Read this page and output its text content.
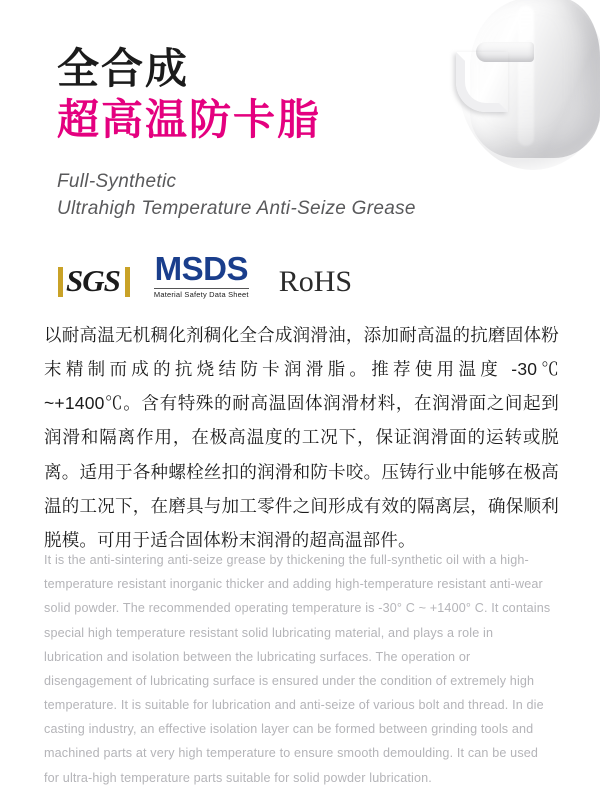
全合成
超高温防卡脂
Full-Synthetic
Ultrahigh Temperature Anti-Seize Grease
SGS MSDS
Material Safety Data Sheet RoHS
以耐高温无机稠化剂稠化全合成润滑油，添加耐高温的抗磨固体粉末精制而成的抗烧结防卡润滑脂。推荐使用温度 -30℃ ~+1400℃。含有特殊的耐高温固体润滑材料，在润滑面之间起到润滑和隔离作用，在极高温度的工况下，保证润滑面的运转或脱离。适用于各种螺栓丝扣的润滑和防卡咬。压铸行业中能够在极高温的工况下，在磨具与加工零件之间形成有效的隔离层，确保顺利脱模。可用于适合固体粉末润滑的超高温部件。
It is the anti-sintering anti-seize grease by thickening the full-synthetic oil with a high-temperature resistant inorganic thicker and adding high-temperature resistant anti-wear solid powder. The recommended operating temperature is -30° C ~ +1400° C. It contains special high temperature resistant solid lubricating material, and plays a role in lubrication and isolation between the lubricating surfaces. The operation or disengagement of lubricating surface is ensured under the condition of extremely high temperature. It is suitable for lubrication and anti-seize of various bolt and thread. In die casting industry, an effective isolation layer can be formed between grinding tools and machined parts at very high temperature to ensure smooth demoulding. It can be used for ultra-high temperature parts suitable for solid powder lubrication.
